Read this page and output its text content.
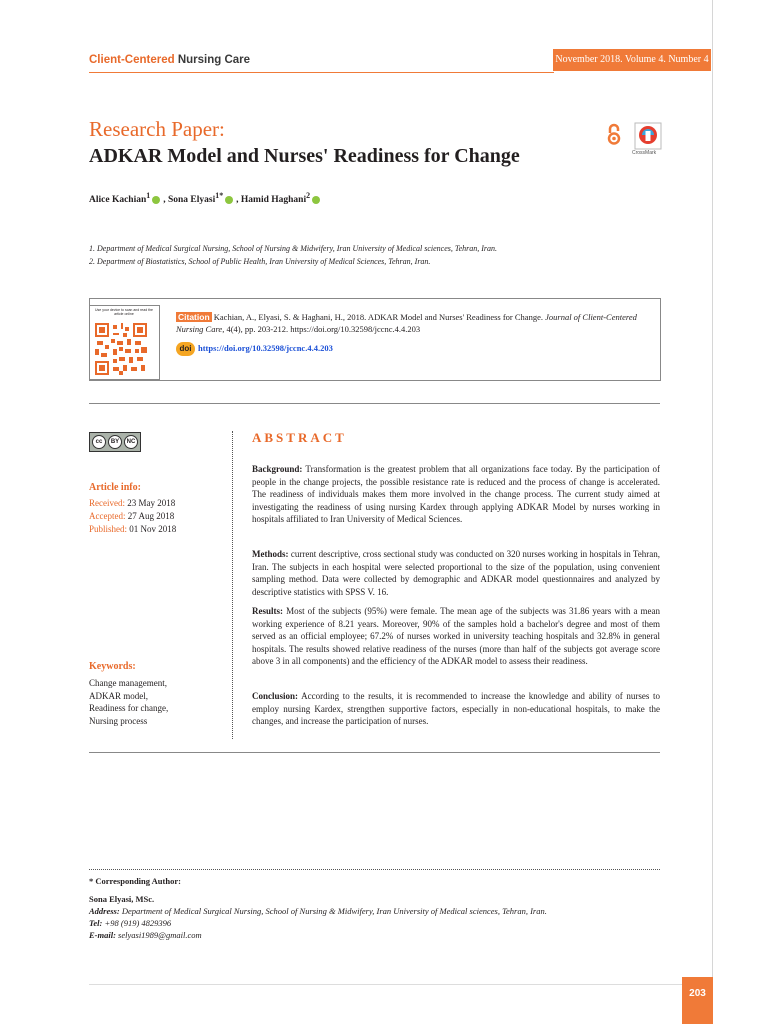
Client-Centered Nursing Care	November 2018. Volume 4. Number 4
Research Paper:
ADKAR Model and Nurses' Readiness for Change	CrossMark
Alice Kachian$^1$ , Sona Elyasi$^{1*}$ , Hamid Haghani$^2$
1. Department of Medical Surgical Nursing, School of Nursing & Midwifery, Iran University of Medical sciences, Tehran, Iran.
2. Department of Biostatistics, School of Public Health, Iran University of Medical Sciences, Tehran, Iran.
Use your device to scan and read the article online	Citation Kachian, A., Elyasi, S. & Haghani, H., 2018. ADKAR Model and Nurses' Readiness for Change. Journal of Client-Centered Nursing Care, 4(4), pp. 203-212. https://doi.org/10.32598/jccnc.4.4.203
doi https://doi.org/10.32598/jccnc.4.4.203
cc	BY	NC
Article info:
Received: 23 May 2018
Accepted: 27 Aug 2018
Published: 01 Nov 2018
Keywords:
Change management,
ADKAR model,
Readiness for change,
Nursing process
ABSTRACT
Background: Transformation is the greatest problem that all organizations face today. By the participation of people in the change projects, the possible resistance rate is reduced and the process of change is accelerated. The readiness of individuals makes them more involved in the change process. The current study aimed at investigating the readiness of using nursing Kardex through applying ADKAR Model by nurses working in hospitals affiliated to Iran University of Medical Sciences.
Methods: current descriptive, cross sectional study was conducted on 320 nurses working in hospitals in Tehran, Iran. The subjects in each hospital were selected proportional to the size of the population, using convenient sampling method. Data were collected by demographic and ADKAR model questionnaires and analyzed by descriptive statistics with SPSS V. 16.
Results: Most of the subjects (95%) were female. The mean age of the subjects was 31.86 years with a mean working experience of 8.21 years. Moreover, 90% of the samples hold a bachelor's degree and most of them served as an official employee; 67.2% of nurses worked in university teaching hospitals and 32.8% in general hospitals. The results showed relative readiness of the nurses (more than half of the subjects got average score above 3 in all components) and the efficiency of the ADKAR model to assess their readiness.
Conclusion: According to the results, it is recommended to increase the knowledge and ability of nurses to employ nursing Kardex, strengthen supportive factors, especially in non-educational hospitals, to make the changes, and increase the participation of nurses.
* Corresponding Author:
Sona Elyasi, MSc.
Address: Department of Medical Surgical Nursing, School of Nursing & Midwifery, Iran University of Medical sciences, Tehran, Iran.
Tel: +98 (919) 4829396
E-mail: selyasi1989@gmail.com
203
